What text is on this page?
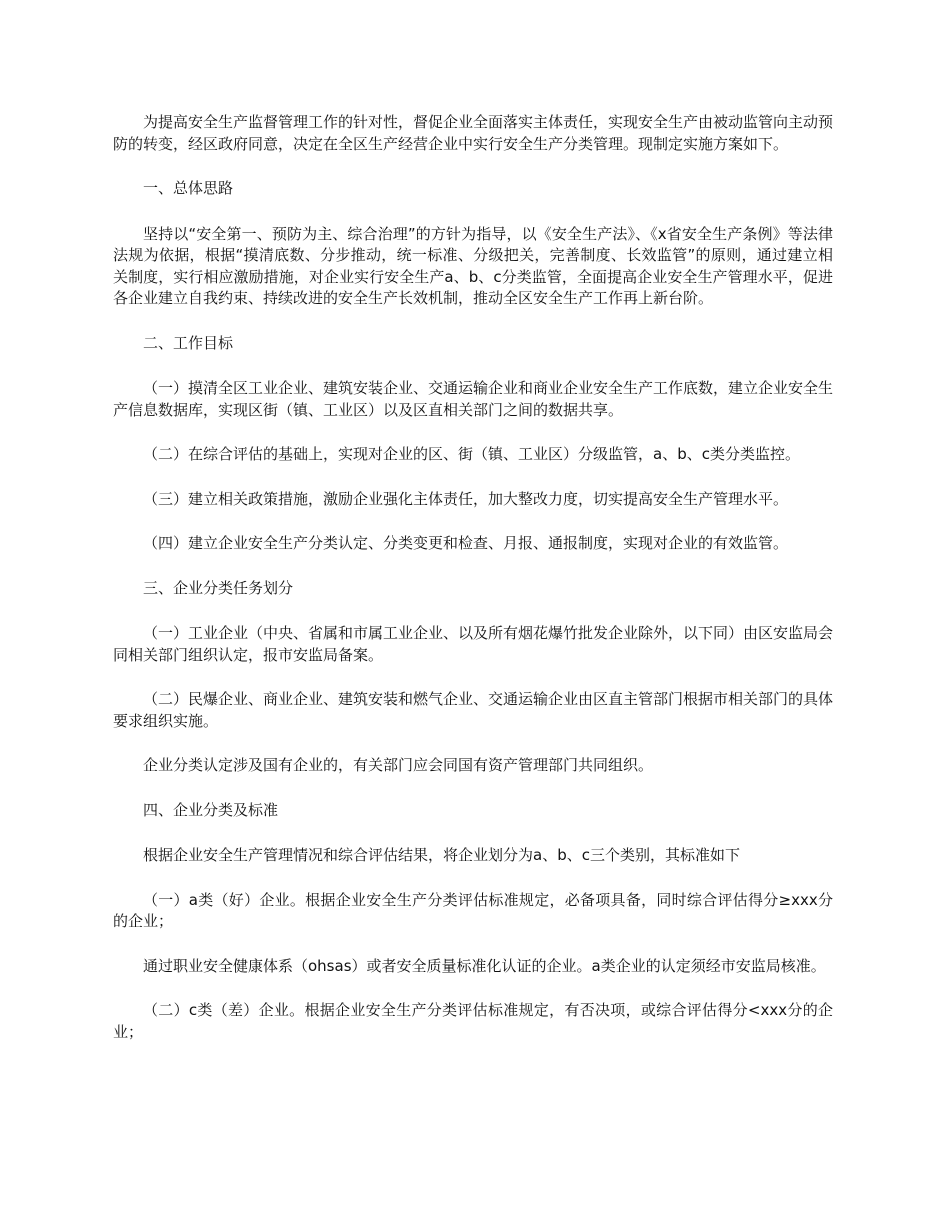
为提高安全生产监督管理工作的针对性，督促企业全面落实主体责任，实现安全生产由被动监管向主动预防的转变，经区政府同意，决定在全区生产经营企业中实行安全生产分类管理。现制定实施方案如下。

一、总体思路

坚持以“安全第一、预防为主、综合治理”的方针为指导，以《安全生产法》、《x省安全生产条例》等法律法规为依据，根据“摸清底数、分步推动，统一标准、分级把关，完善制度、长效监管”的原则，通过建立相关制度，实行相应激励措施，对企业实行安全生产a、b、c分类监管，全面提高企业安全生产管理水平，促进各企业建立自我约束、持续改进的安全生产长效机制，推动全区安全生产工作再上新台阶。

二、工作目标

（一）摸清全区工业企业、建筑安装企业、交通运输企业和商业企业安全生产工作底数，建立企业安全生产信息数据库，实现区街（镇、工业区）以及区直相关部门之间的数据共享。

（二）在综合评估的基础上，实现对企业的区、街（镇、工业区）分级监管，a、b、c类分类监控。

（三）建立相关政策措施，激励企业强化主体责任，加大整改力度，切实提高安全生产管理水平。

（四）建立企业安全生产分类认定、分类变更和检查、月报、通报制度，实现对企业的有效监管。

三、企业分类任务划分

（一）工业企业（中央、省属和市属工业企业、以及所有烟花爆竹批发企业除外，以下同）由区安监局会同相关部门组织认定，报市安监局备案。

（二）民爆企业、商业企业、建筑安装和燃气企业、交通运输企业由区直主管部门根据市相关部门的具体要求组织实施。

企业分类认定涉及国有企业的，有关部门应会同国有资产管理部门共同组织。

四、企业分类及标准

根据企业安全生产管理情况和综合评估结果，将企业划分为a、b、c三个类别，其标准如下

（一）a类（好）企业。根据企业安全生产分类评估标准规定，必备项具备，同时综合评估得分≥xxx分的企业；

通过职业安全健康体系（ohsas）或者安全质量标准化认证的企业。a类企业的认定须经市安监局核准。

（二）c类（差）企业。根据企业安全生产分类评估标准规定，有否决项，或综合评估得分<xxx分的企业；
